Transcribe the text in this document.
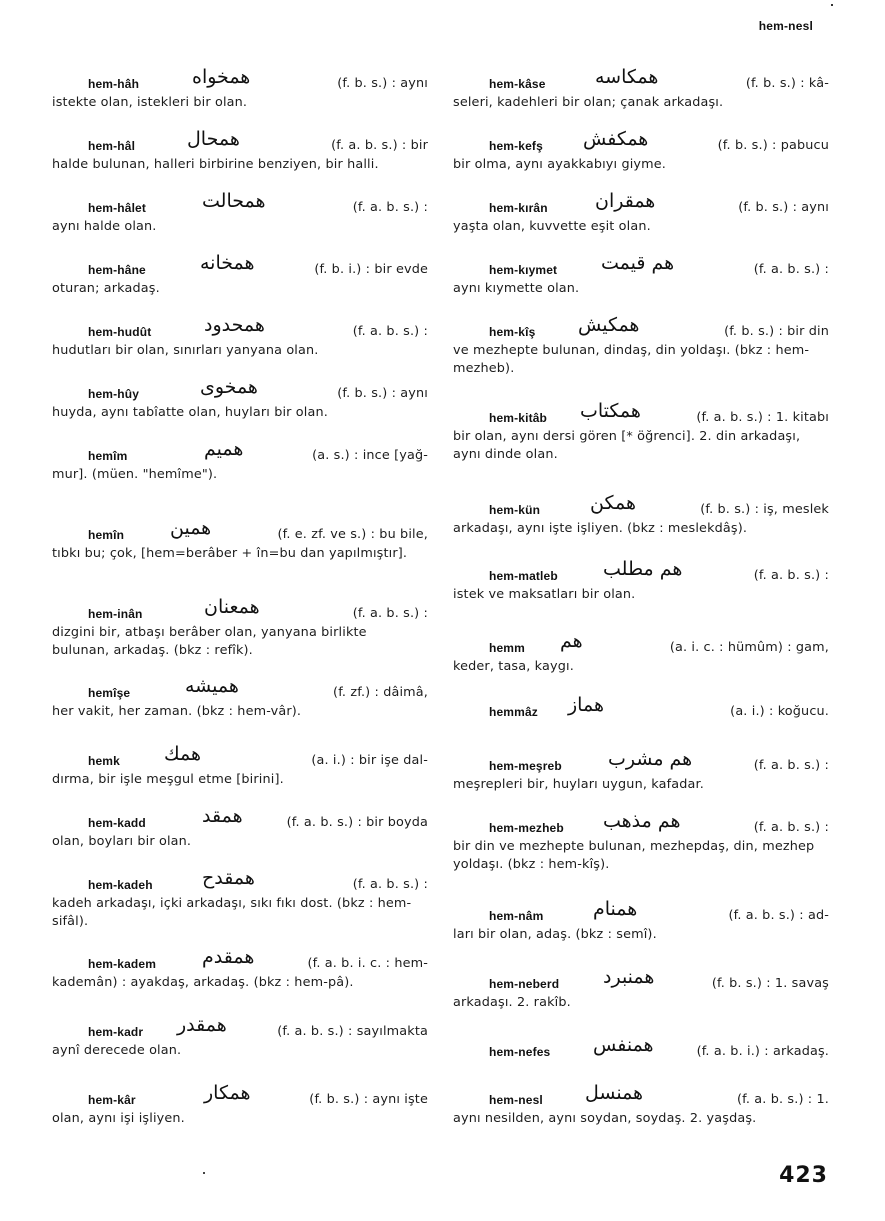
hem-nesl
hem-hâh	همخواه	(f. b. s.) : aynı
istekte olan, istekleri bir olan.
hem-hâl	همحال	(f. a. b. s.) : bir
halde bulunan, halleri birbirine benziyen, bir halli.
hem-hâlet	همحالت	(f. a. b. s.) :
aynı halde olan.
hem-hâne	همخانه	(f. b. i.) : bir evde
oturan; arkadaş.
hem-hudût	همحدود	(f. a. b. s.) :
hudutları bir olan, sınırları yanyana olan.
hem-hûy	همخوی	(f. b. s.) : aynı
huyda, aynı tabîatte olan, huyları bir olan.
hemîm	همیم	(a. s.) : ince [yağ-
mur]. (müen. "hemîme").
hemîn همین	(f. e. zf. ve s.) : bu bile,
tıbkı bu; çok, [hem=berâber + în=bu dan yapılmıştır].
hem-inân	همعنان	(f. a. b. s.) :
dizgini bir, atbaşı berâber olan, yanyana birlikte bulunan, arkadaş. (bkz : refîk).
hemîşe	همیشه	(f. zf.) : dâimâ,
her vakit, her zaman. (bkz : hem-vâr).
hemk همك	(a. i.) : bir işe dal-
dırma, bir işle meşgul etme [birini].
hem-kadd	همقد	(f. a. b. s.) : bir boyda
olan, boyları bir olan.
hem-kadeh	همقدح	(f. a. b. s.) :
kadeh arkadaşı, içki arkadaşı, sıkı fıkı dost. (bkz : hem-sifâl).
hem-kadem همقدم	(f. a. b. i. c. : hem-
kademân) : ayakdaş, arkadaş. (bkz : hem-pâ).
hem-kadr همقدر	(f. a. b. s.) : sayılmakta
aynî derecede olan.
hem-kâr	همکار	(f. b. s.) : aynı işte
olan, aynı işi işliyen.
hem-kâse	همکاسه	(f. b. s.) : kâ-
seleri, kadehleri bir olan; çanak arkadaşı.
hem-kefş همکفش	(f. b. s.) : pabucu
bir olma, aynı ayakkabıyı giyme.
hem-kırân همقران	(f. b. s.) : aynı
yaşta olan, kuvvette eşit olan.
hem-kıymet هم قیمت	(f. a. b. s.) :
aynı kıymette olan.
hem-kîş همکیش	(f. b. s.) : bir din
ve mezhepte bulunan, dindaş, din yoldaşı. (bkz : hem-mezheb).
hem-kitâb همکتاب	(f. a. b. s.) : 1. kitabı
bir olan, aynı dersi gören [* öğrenci]. 2. din arkadaşı, aynı dinde olan.
hem-kün	همکن	(f. b. s.) : iş, meslek
arkadaşı, aynı işte işliyen. (bkz : meslekdâş).
hem-matleb هم مطلب	(f. a. b. s.) :
istek ve maksatları bir olan.
hemm هم	(a. i. c. : hümûm) : gam,
keder, tasa, kaygı.
hemmâz هماز	(a. i.) : koğucu.
hem-meşreb هم مشرب	(f. a. b. s.) :
meşrepleri bir, huyları uygun, kafadar.
hem-mezheb هم مذهب	(f. a. b. s.) :
bir din ve mezhepte bulunan, mezhepdaş, din, mezhep yoldaşı. (bkz : hem-kîş).
hem-nâm	همنام	(f. a. b. s.) : ad-
ları bir olan, adaş. (bkz : semî).
hem-neberd همنبرد	(f. b. s.) : 1. savaş
arkadaşı. 2. rakîb.
hem-nefes همنفس	(f. a. b. i.) : arkadaş.
hem-nesl همنسل	(f. a. b. s.) : 1.
aynı nesilden, aynı soydan, soydaş. 2. yaşdaş.
423
